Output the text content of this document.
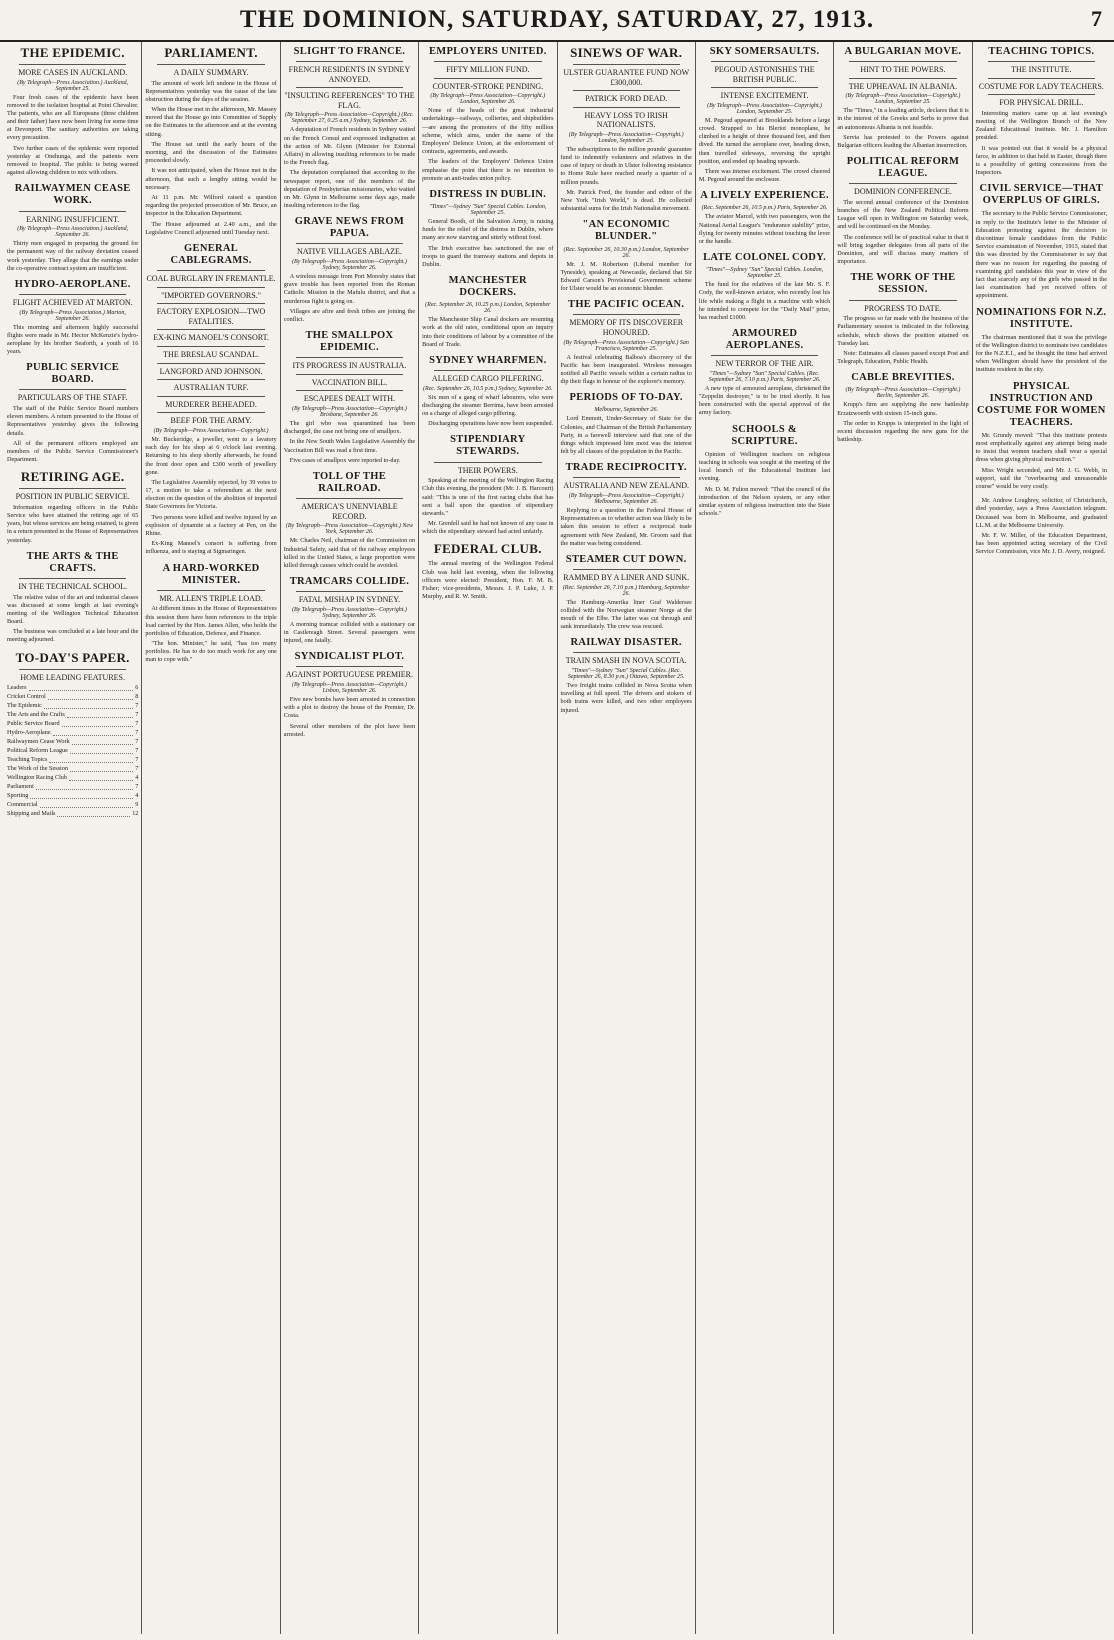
THE DOMINION, SATURDAY, SATURDAY, 27, 1913.	7
THE EPIDEMIC.
MORE CASES IN AUCKLAND.
(By Telegraph—Press Association.) Auckland, September 25.

Four fresh cases of the epidemic have been removed to the isolation hospital at Point Chevalier. The patients, who are all Europeans (three children and their father) have now been living for some time at Devonport. The sanitary authorities are taking every precaution.

Two further cases of the epidemic were reported yesterday at Onehunga, and the patients were removed to hospital. The public is being warned against allowing children to mix with others.

RAILWAYMEN CEASE WORK.
EARNING INSUFFICIENT.
(By Telegraph—Press Association.) Auckland, September 26.

Thirty men engaged in preparing the ground for the permanent way of the railway deviation ceased work yesterday. They allege that the earnings under the co-operative contract system are insufficient.

HYDRO-AEROPLANE.
FLIGHT ACHIEVED AT MARTON.
(By Telegraph—Press Association.) Marton, September 26.

This morning and afternoon highly successful flights were made in Mr. Hector McKenzie's hydro-aeroplane by his brother Seaforth, a youth of 16 years.

PUBLIC SERVICE BOARD.
PARTICULARS OF THE STAFF.

The staff of the Public Service Board numbers eleven members. A return presented to the House of Representatives yesterday gives the following details.

All of the permanent officers employed are members of the Public Service Commissioner's Department.

RETIRING AGE.
POSITION IN PUBLIC SERVICE.

Information regarding officers in the Public Service who have attained the retiring age of 65 years, but whose services are being retained, is given in a return presented to the House of Representatives yesterday.

THE ARTS & THE CRAFTS.
IN THE TECHNICAL SCHOOL.

The relative value of the art and industrial classes was discussed at some length at last evening's meeting of the Wellington Technical Education Board.

The business was concluded at a late hour and the meeting adjourned.

TO-DAY'S PAPER.
HOME LEADING FEATURES.
Leaders	6
Cricket Control	8
The Epidemic	7
The Arts and the Crafts	7
Public Service Board	7
Hydro-Aeroplane	7
Railwaymen Cease Work	7
Political Reform League	7
Teaching Topics	7
The Work of the Session	7
Wellington Racing Club	4
Parliament	7
Sporting	4
Commercial	9
Shipping and Mails	12
PARLIAMENT.
A DAILY SUMMARY.

The amount of work left undone in the House of Representatives yesterday was the cause of the late obstruction during the days of the session.

When the House met in the afternoon, Mr. Massey moved that the House go into Committee of Supply on the Estimates in the afternoon and at the evening sitting.

The House sat until the early hours of the morning, and the discussion of the Estimates proceeded slowly.

It was not anticipated, when the House met in the afternoon, that such a lengthy sitting would be necessary.

At 11 p.m. Mr. Wilford raised a question regarding the projected prosecution of Mr. Bruce, an inspector in the Education Department.

The House adjourned at 2.40 a.m., and the Legislative Council adjourned until Tuesday next.

GENERAL CABLEGRAMS.
COAL BURGLARY IN FREMANTLE.
"IMPORTED GOVERNORS."
FACTORY EXPLOSION—TWO FATALITIES.
EX-KING MANOEL'S CONSORT.
THE BRESLAU SCANDAL.
LANGFORD AND JOHNSON.
AUSTRALIAN TURF.
MURDERER BEHEADED.
BEEF FOR THE ARMY.
(By Telegraph—Press Association—Copyright.)

Mr. Buckeridge, a jeweller, went to a lavatory each day for his shop at 6 o'clock last evening. Returning to his shop shortly afterwards, he found the front door open and £300 worth of jewellery gone.

The Legislative Assembly rejected, by 39 votes to 17, a motion to take a referendum at the next election on the question of the abolition of imported State Governors for Victoria.

Two persons were killed and twelve injured by an explosion of dynamite at a factory at Pen, on the Rhine.

Ex-King Manoel's consort is suffering from influenza, and is staying at Sigmaringen.

A HARD-WORKED MINISTER.
MR. ALLEN'S TRIPLE LOAD.

At different times in the House of Representatives this session there have been references to the triple load carried by the Hon. James Allen, who holds the portfolios of Education, Defence, and Finance.

"The hon. Minister," he said, "has too many portfolios. He has to do too much work for any one man to cope with."

SLIGHT TO FRANCE.
FRENCH RESIDENTS IN SYDNEY ANNOYED.
"INSULTING REFERENCES" TO THE FLAG.
(By Telegraph—Press Association—Copyright.) (Rec. September 27, 0.25 a.m.) Sydney, September 26.

A deputation of French residents in Sydney waited on the French Consul and expressed indignation at the action of Mr. Glynn (Minister for External Affairs) in allowing insulting references to be made to the French flag.

The deputation complained that according to the newspaper report, one of the members of the deputation of Presbyterian missionaries, who waited on Mr. Glynn in Melbourne some days ago, made insulting references to the flag.

GRAVE NEWS FROM PAPUA.
NATIVE VILLAGES ABLAZE.
(By Telegraph—Press Association—Copyright.) Sydney, September 26.

A wireless message from Port Moresby states that grave trouble has been reported from the Roman Catholic Mission in the Mafulu district, and that a murderous fight is going on.

Villages are afire and fresh tribes are joining the conflict.

THE SMALLPOX EPIDEMIC.
ITS PROGRESS IN AUSTRALIA.
VACCINATION BILL.
ESCAPEES DEALT WITH.
(By Telegraph—Press Association—Copyright.) Brisbane, September 26.

The girl who was quarantined has been discharged, the case not being one of smallpox.

In the New South Wales Legislative Assembly the Vaccination Bill was read a first time.

Five cases of smallpox were reported to-day.

TOLL OF THE RAILROAD.
AMERICA'S UNENVIABLE RECORD.
(By Telegraph—Press Association—Copyright.) New York, September 26.

Mr. Charles Neil, chairman of the Commission on Industrial Safety, said that of the railway employees killed in the United States, a large proportion were killed through causes which could be avoided.

TRAMCARS COLLIDE.
FATAL MISHAP IN SYDNEY.
(By Telegraph—Press Association—Copyright.) Sydney, September 26.

A morning tramcar collided with a stationary car in Castlereagh Street. Several passengers were injured, one fatally.

SYNDICALIST PLOT.
AGAINST PORTUGUESE PREMIER.
(By Telegraph—Press Association—Copyright.) Lisbon, September 26.

Five new bombs have been arrested in connection with a plot to destroy the house of the Premier, Dr. Costa.

Several other members of the plot have been arrested.

EMPLOYERS UNITED.
FIFTY MILLION FUND.
COUNTER-STROKE PENDING.
(By Telegraph—Press Association—Copyright.) London, September 26.

None of the heads of the great industrial undertakings—railways, collieries, and shipbuilders—are among the promoters of the fifty million scheme, which aims, under the name of the Employers' Defence Union, at the enforcement of contracts, agreements, and awards.

The leaders of the Employers' Defence Union emphasise the point that there is no intention to promote an anti-trades union policy.

DISTRESS IN DUBLIN.
"Times"—Sydney "Sun" Special Cables. London, September 25.

General Booth, of the Salvation Army, is raising funds for the relief of the distress in Dublin, where many are now starving and utterly without food.

The Irish executive has sanctioned the use of troops to guard the tramway stations and depots in Dublin.

MANCHESTER DOCKERS.
(Rec. September 26, 10.25 p.m.) London, September 26.

The Manchester Ship Canal dockers are resuming work at the old rates, conditional upon an inquiry into their conditions of labour by a committee of the Board of Trade.

SYDNEY WHARFMEN.
ALLEGED CARGO PILFERING.
(Rec. September 26, 10.5 p.m.) Sydney, September 26.

Six men of a gang of wharf labourers, who were discharging the steamer Berrima, have been arrested on a charge of alleged cargo pilfering.

Discharging operations have now been suspended.

STIPENDIARY STEWARDS.
THEIR POWERS.

Speaking at the meeting of the Wellington Racing Club this evening, the president (Mr. J. B. Harcourt) said: "This is one of the first racing clubs that has sent a ball upon the question of stipendiary stewards."

Mr. Grenfell said he had not known of any case in which the stipendiary steward had acted unfairly.

FEDERAL CLUB.

The annual meeting of the Wellington Federal Club was held last evening, when the following officers were elected: President, Hon. F. M. B. Fisher; vice-presidents, Messrs. J. P. Luke, J. P. Murphy, and R. W. Smith.

SINEWS OF WAR.
ULSTER GUARANTEE FUND NOW £300,000.
PATRICK FORD DEAD.
HEAVY LOSS TO IRISH NATIONALISTS.
(By Telegraph—Press Association—Copyright.) London, September 25.

The subscriptions to the million pounds' guarantee fund to indemnify volunteers and relatives in the case of injury or death in Ulster following resistance to Home Rule have reached nearly a quarter of a million pounds.

Mr. Patrick Ford, the founder and editor of the New York "Irish World," is dead. He collected substantial sums for the Irish Nationalist movement.

"AN ECONOMIC BLUNDER."
(Rec. September 26, 10.30 p.m.) London, September 26.

Mr. J. M. Robertson (Liberal member for Tyneside), speaking at Newcastle, declared that Sir Edward Carson's Provisional Government scheme for Ulster would be an economic blunder.

THE PACIFIC OCEAN.
MEMORY OF ITS DISCOVERER HONOURED.
(By Telegraph—Press Association—Copyright.) San Francisco, September 25.

A festival celebrating Balboa's discovery of the Pacific has been inaugurated. Wireless messages notified all Pacific vessels within a certain radius to dip their flags in honour of the explorer's memory.

PERIODS OF TO-DAY.
Melbourne, September 26.

Lord Emmott, Under-Secretary of State for the Colonies, and Chairman of the British Parliamentary Party, in a farewell interview said that one of the things which impressed him most was the interest felt by all classes of the population in the Pacific.

TRADE RECIPROCITY.
AUSTRALIA AND NEW ZEALAND.
(By Telegraph—Press Association—Copyright.) Melbourne, September 26.

Replying to a question in the Federal House of Representatives as to whether action was likely to be taken this session to effect a reciprocal trade agreement with New Zealand, Mr. Groom said that the matter was being considered.

STEAMER CUT DOWN.
RAMMED BY A LINER AND SUNK.
(Rec. September 26, 7.10 p.m.) Hamburg, September 26.

The Hamburg-Amerika liner Graf Waldersee collided with the Norwegian steamer Norge at the mouth of the Elbe. The latter was cut through and sank immediately. The crew was rescued.

RAILWAY DISASTER.
TRAIN SMASH IN NOVA SCOTIA.
"Times"—Sydney "Sun" Special Cables. (Rec. September 26, 8.30 p.m.) Ottawa, September 25.

Two freight trains collided in Nova Scotia when travelling at full speed. The drivers and stokers of both trains were killed, and two other employees injured.

SKY SOMERSAULTS.
PEGOUD ASTONISHES THE BRITISH PUBLIC.
INTENSE EXCITEMENT.
(By Telegraph—Press Association—Copyright.) London, September 25.

M. Pegoud appeared at Brooklands before a large crowd. Strapped to his Bleriot monoplane, he climbed to a height of three thousand feet, and then dived. He turned the aeroplane over, heading down, then travelled sideways, reversing the upright position, and ended up heading upwards.

There was intense excitement. The crowd cheered M. Pegoud around the enclosure.

A LIVELY EXPERIENCE.
(Rec. September 26, 10.5 p.m.) Paris, September 26.

The aviator Marcel, with two passengers, won the National Aerial League's "endurance stability" prize, flying for twenty minutes without touching the lever or the handle.

LATE COLONEL CODY.
"Times"—Sydney "Sun" Special Cables. London, September 25.

The fund for the relatives of the late Mr. S. F. Cody, the well-known aviator, who recently lost his life while making a flight in a machine with which he intended to compete for the "Daily Mail" prize, has reached £1000.

ARMOURED AEROPLANES.
NEW TERROR OF THE AIR.
"Times"—Sydney "Sun" Special Cables. (Rec. September 26, 7.10 p.m.) Paris, September 26.

A new type of armoured aeroplane, christened the "Zeppelin destroyer," is to be tried shortly. It has been constructed with the special approval of the army factory.

SCHOOLS & SCRIPTURE.

Opinion of Wellington teachers on religious teaching in schools was sought at the meeting of the local branch of the Educational Institute last evening.

Mr. D. M. Fulton moved: "That the council of the introduction of the Nelson system, or any other similar system of religious instruction into the State schools."

A BULGARIAN MOVE.
HINT TO THE POWERS.
THE UPHEAVAL IN ALBANIA.
(By Telegraph—Press Association—Copyright.) London, September 25.

The "Times," in a leading article, declares that it is in the interest of the Greeks and Serbs to prove that an autonomous Albania is not feasible.

Servia has protested to the Powers against Bulgarian officers leading the Albanian insurrection.

POLITICAL REFORM LEAGUE.
DOMINION CONFERENCE.

The second annual conference of the Dominion branches of the New Zealand Political Reform League will open in Wellington on Saturday week, and will be continued on the Monday.

The conference will be of practical value in that it will bring together delegates from all parts of the Dominion, and will discuss many matters of importance.

THE WORK OF THE SESSION.
PROGRESS TO DATE.

The progress so far made with the business of the Parliamentary session is indicated in the following schedule, which shows the position attained on Tuesday last.

Note: Estimates all classes passed except Post and Telegraph, Education, Public Health.

CABLE BREVITIES.
(By Telegraph—Press Association—Copyright.) Berlin, September 26.

Krupp's firm are supplying the new battleship Erzatzwoerth with sixteen 15-inch guns.

The order to Krupps is interpreted in the light of recent discussion regarding the new guns for the battleship.

TEACHING TOPICS.
THE INSTITUTE.
COSTUME FOR LADY TEACHERS.
FOR PHYSICAL DRILL.

Interesting matters came up at last evening's meeting of the Wellington Branch of the New Zealand Educational Institute. Mr. J. Hamilton presided.

It was pointed out that it would be a physical farce, in addition to that held in Easter, though there is a possibility of getting concessions from the Inspectors.

CIVIL SERVICE—THAT OVERPLUS OF GIRLS.

The secretary to the Public Service Commissioner, in reply to the Institute's letter to the Minister of Education protesting against the decision to discontinue female candidates from the Public Service examination of November, 1913, stated that this was directed by the Commissioner to say that there was no reason for regarding the passing of examining girl candidates this year in view of the fact that scarcely any of the girls who passed in the last examination had yet received offers of appointment.

NOMINATIONS FOR N.Z. INSTITUTE.

The chairman mentioned that it was the privilege of the Wellington district to nominate two candidates for the N.Z.E.I., and he thought the time had arrived when Wellington should have the president of the institute resident in the city.

PHYSICAL INSTRUCTION AND COSTUME FOR WOMEN TEACHERS.

Mr. Grundy moved: "That this institute protests most emphatically against any attempt being made to insist that women teachers shall wear a special dress when giving physical instruction."

Miss Wright seconded, and Mr. J. G. Webb, in support, said the "overbearing and unreasonable course" would be very costly.

Mr. Andrew Loughrey, solicitor, of Christchurch, died yesterday, says a Press Association telegram. Deceased was born in Melbourne, and graduated LL.M. at the Melbourne University.

Mr. F. W. Miller, of the Education Department, has been appointed acting secretary of the Civil Service Commission, vice Mr. J. D. Avery, resigned.
